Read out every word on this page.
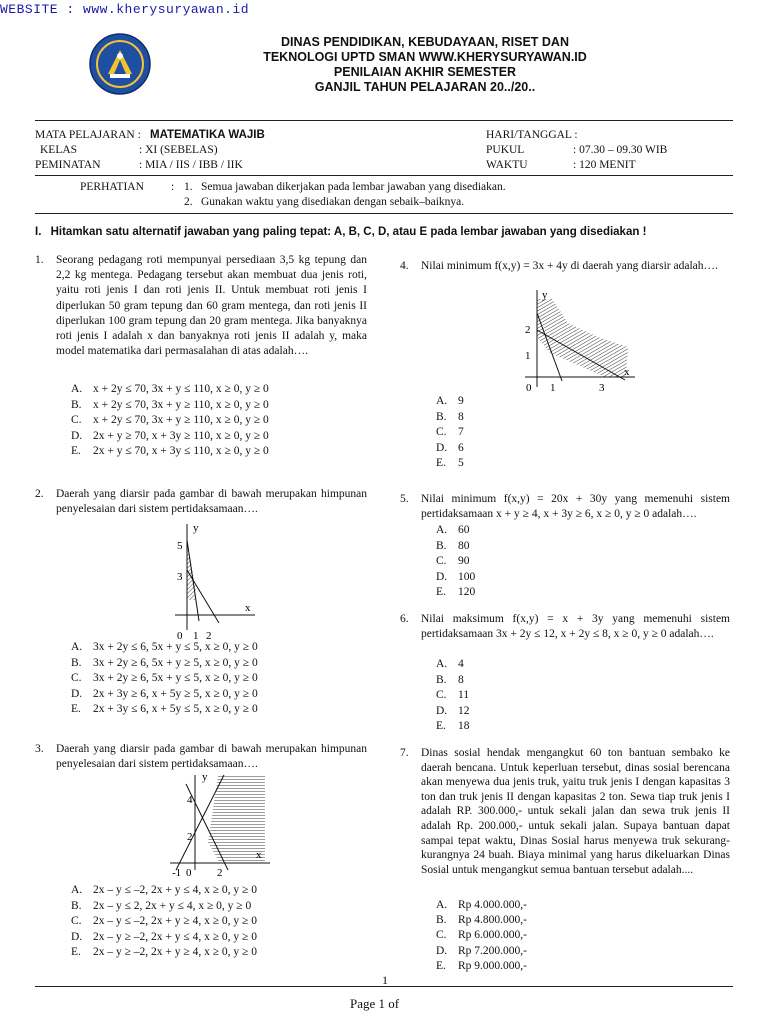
WEBSITE : www.kherysuryawan.id
DINAS PENDIDIKAN, KEBUDAYAAN, RISET DAN
TEKNOLOGI UPTD SMAN WWW.KHERYSURYAWAN.ID
PENILAIAN AKHIR SEMESTER
GANJIL TAHUN PELAJARAN 20../20..
MATA PELAJARAN : MATEMATIKA WAJIB
KELAS	: XI (SEBELAS)
PEMINATAN	: MIA / IIS / IBB / IIK
HARI/TANGGAL :
PUKUL	: 07.30 – 09.30 WIB
WAKTU	: 120 MENIT
PERHATIAN : 1. Semua jawaban dikerjakan pada lembar jawaban yang disediakan.
2. Gunakan waktu yang disediakan dengan sebaik–baiknya.
I. Hitamkan satu alternatif jawaban yang paling tepat: A, B, C, D, atau E pada lembar jawaban yang disediakan !
1. Seorang pedagang roti mempunyai persediaan 3,5 kg tepung dan 2,2 kg mentega. Pedagang tersebut akan membuat dua jenis roti, yaitu roti jenis I dan roti jenis II. Untuk membuat roti jenis I diperlukan 50 gram tepung dan 60 gram mentega, dan roti jenis II diperlukan 100 gram tepung dan 20 gram mentega. Jika banyaknya roti jenis I adalah x dan banyaknya roti jenis II adalah y, maka model matematika dari permasalahan di atas adalah….
A. x + 2y ≤ 70, 3x + y ≤ 110, x ≥ 0, y ≥ 0
B. x + 2y ≤ 70, 3x + y ≥ 110, x ≥ 0, y ≥ 0
C. x + 2y ≤ 70, 3x + y ≥ 110, x ≥ 0, y ≥ 0
D. 2x + y ≥ 70, x + 3y ≥ 110, x ≥ 0, y ≥ 0
E.	2x + y ≤ 70, x + 3y ≤ 110, x ≥ 0, y ≥ 0
2. Daerah yang diarsir pada gambar di bawah merupakan himpunan penyelesaian dari sistem pertidaksamaan….
y
x
5
3
0 1 2
A. 3x + 2y ≤ 6, 5x + y ≤ 5, x ≥ 0, y ≥ 0
B. 3x + 2y ≥ 6, 5x + y ≥ 5, x ≥ 0, y ≥ 0
C. 3x + 2y ≥ 6, 5x + y ≤ 5, x ≥ 0, y ≥ 0
D. 2x + 3y ≥ 6, x + 5y ≥ 5, x ≥ 0, y ≥ 0
E.	2x + 3y ≤ 6, x + 5y ≤ 5, x ≥ 0, y ≥ 0
3. Daerah yang diarsir pada gambar di bawah merupakan himpunan penyelesaian dari sistem pertidaksamaan….
y
x
4
2
-1 0 2
A. 2x – y ≤ –2, 2x + y ≤ 4, x ≥ 0, y ≥ 0
B. 2x – y ≤ 2, 2x + y ≤ 4, x ≥ 0, y ≥ 0
C. 2x – y ≤ –2, 2x + y ≥ 4, x ≥ 0, y ≥ 0
D. 2x – y ≥ –2, 2x + y ≤ 4, x ≥ 0, y ≥ 0
E.	2x – y ≥ –2, 2x + y ≥ 4, x ≥ 0, y ≥ 0
4. Nilai minimum f(x,y) = 3x + 4y di daerah yang diarsir adalah….
y
x
2
1
0 1	3
A. 9
B. 8
C. 7
D. 6
E.	5
5. Nilai minimum f(x,y) = 20x + 30y yang memenuhi sistem pertidaksamaan x + y ≥ 4, x + 3y ≥ 6, x ≥ 0, y ≥ 0 adalah….
A. 60
B. 80
C. 90
D. 100
E.	120
6. Nilai maksimum f(x,y) = x + 3y yang memenuhi sistem pertidaksamaan 3x + 2y ≤ 12, x + 2y ≤ 8, x ≥ 0, y ≥ 0 adalah….
A. 4
B. 8
C. 11
D. 12
E.	18
7. Dinas sosial hendak mengangkut 60 ton bantuan sembako ke daerah bencana. Untuk keperluan tersebut, dinas sosial berencana akan menyewa dua jenis truk, yaitu truk jenis I dengan kapasitas 3 ton dan truk jenis II dengan kapasitas 2 ton. Sewa tiap truk jenis I adalah RP. 300.000,- untuk sekali jalan dan sewa truk jenis II adalah Rp. 200.000,- untuk sekali jalan. Supaya bantuan dapat sampai tepat waktu, Dinas Sosial harus menyewa truk sekurang-kurangnya 24 buah. Biaya minimal yang harus dikeluarkan Dinas Sosial untuk mengangkut semua bantuan tersebut adalah....
A. Rp 4.000.000,-
B. Rp 4.800.000,-
C. Rp 6.000.000,-
D. Rp 7.200.000,-
E.	Rp 9.000.000,-
1
Page 1 of
